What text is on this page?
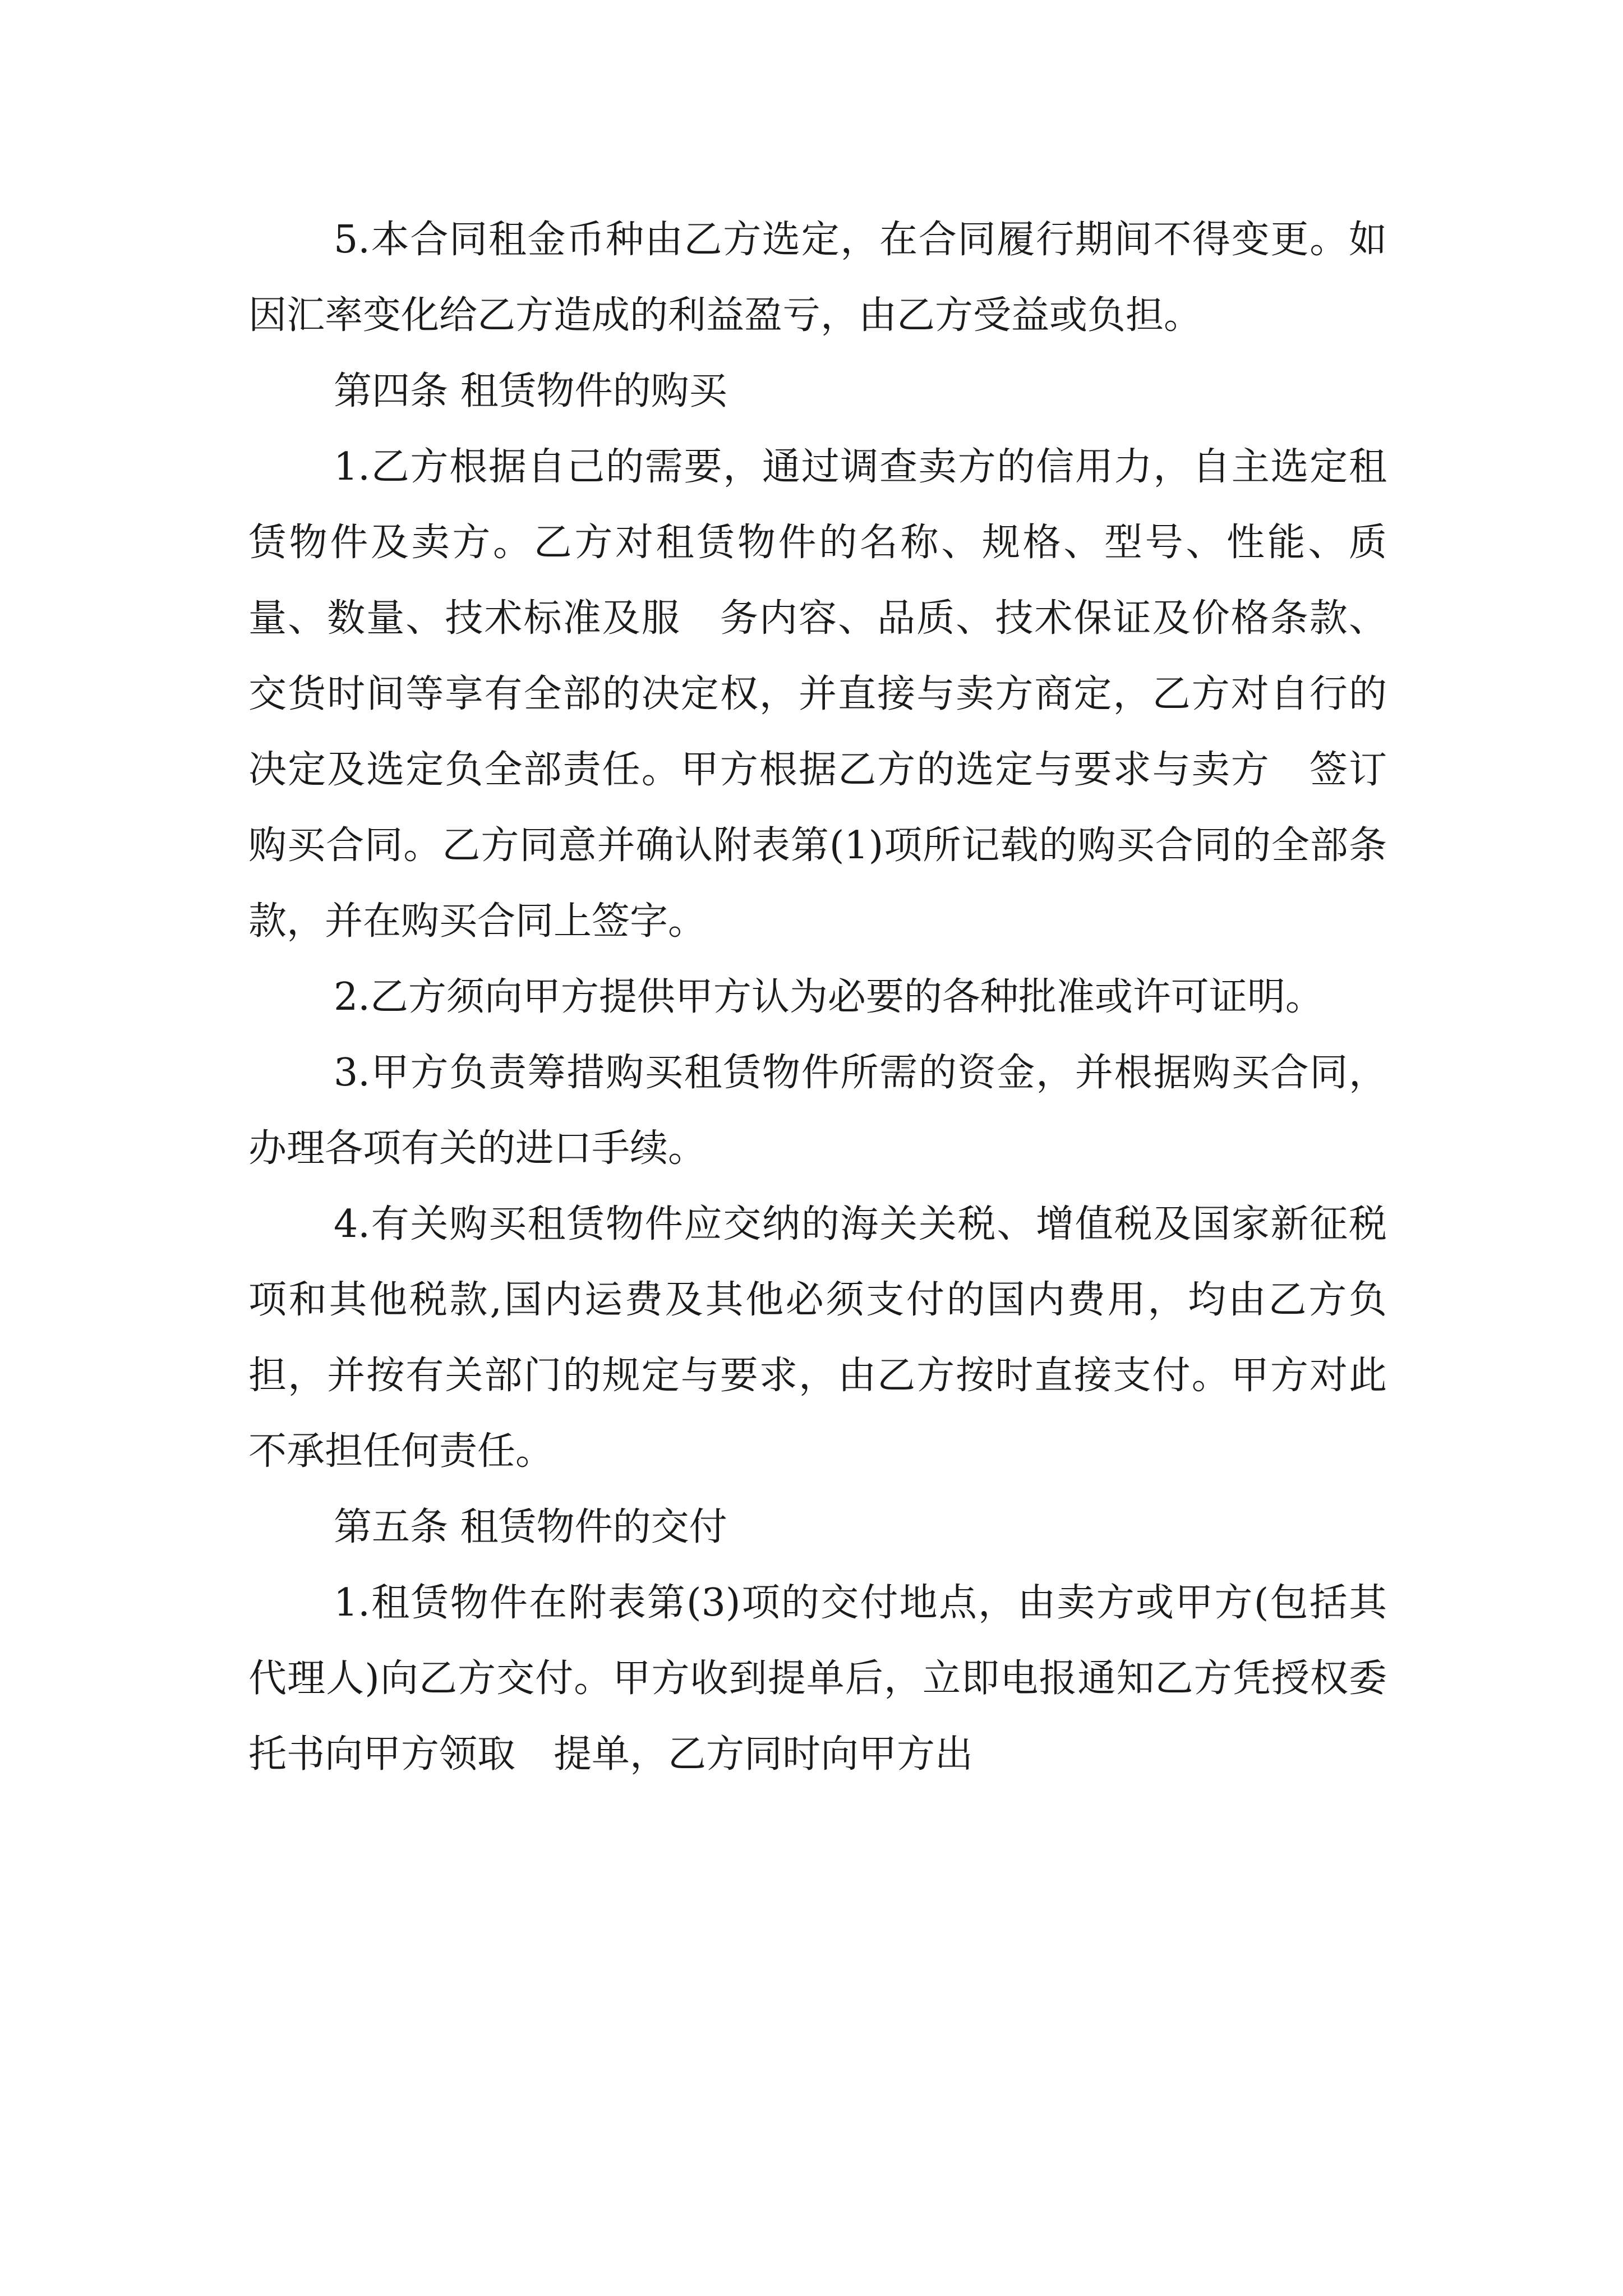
5.本合同租金币种由乙方选定，在合同履行期间不得变更。如因汇率变化给乙方造成的利益盈亏，由乙方受益或负担。

第四条 租赁物件的购买

1.乙方根据自己的需要，通过调查卖方的信用力，自主选定租赁物件及卖方。乙方对租赁物件的名称、规格、型号、性能、质量、数量、技术标准及服　务内容、品质、技术保证及价格条款、交货时间等享有全部的决定权，并直接与卖方商定，乙方对自行的决定及选定负全部责任。甲方根据乙方的选定与要求与卖方　签订购买合同。乙方同意并确认附表第(1)项所记载的购买合同的全部条款，并在购买合同上签字。

2.乙方须向甲方提供甲方认为必要的各种批准或许可证明。

3.甲方负责筹措购买租赁物件所需的资金，并根据购买合同，办理各项有关的进口手续。

4.有关购买租赁物件应交纳的海关关税、增值税及国家新征税项和其他税款,国内运费及其他必须支付的国内费用，均由乙方负担，并按有关部门的规定与要求，由乙方按时直接支付。甲方对此不承担任何责任。

第五条 租赁物件的交付

1.租赁物件在附表第(3)项的交付地点，由卖方或甲方(包括其代理人)向乙方交付。甲方收到提单后，立即电报通知乙方凭授权委托书向甲方领取　提单，乙方同时向甲方出
